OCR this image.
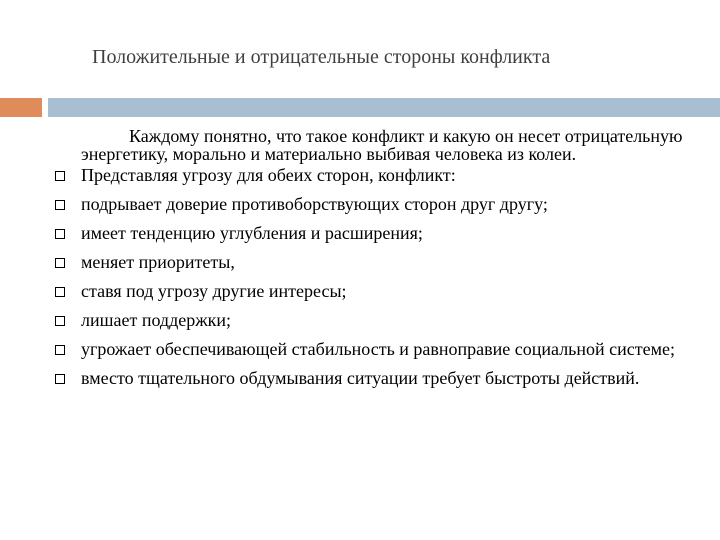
Положительные и отрицательные стороны конфликта
Каждому понятно, что такое конфликт и какую он несет отрицательную энергетику, морально и материально выбивая человека из колеи.
Представляя угрозу для обеих сторон, конфликт:
подрывает доверие противоборствующих сторон друг другу;
имеет тенденцию углубления и расширения;
меняет приоритеты,
ставя под угрозу другие интересы;
лишает поддержки;
угрожает обеспечивающей стабильность и равноправие социальной системе;
вместо тщательного обдумывания ситуации требует быстроты действий.
